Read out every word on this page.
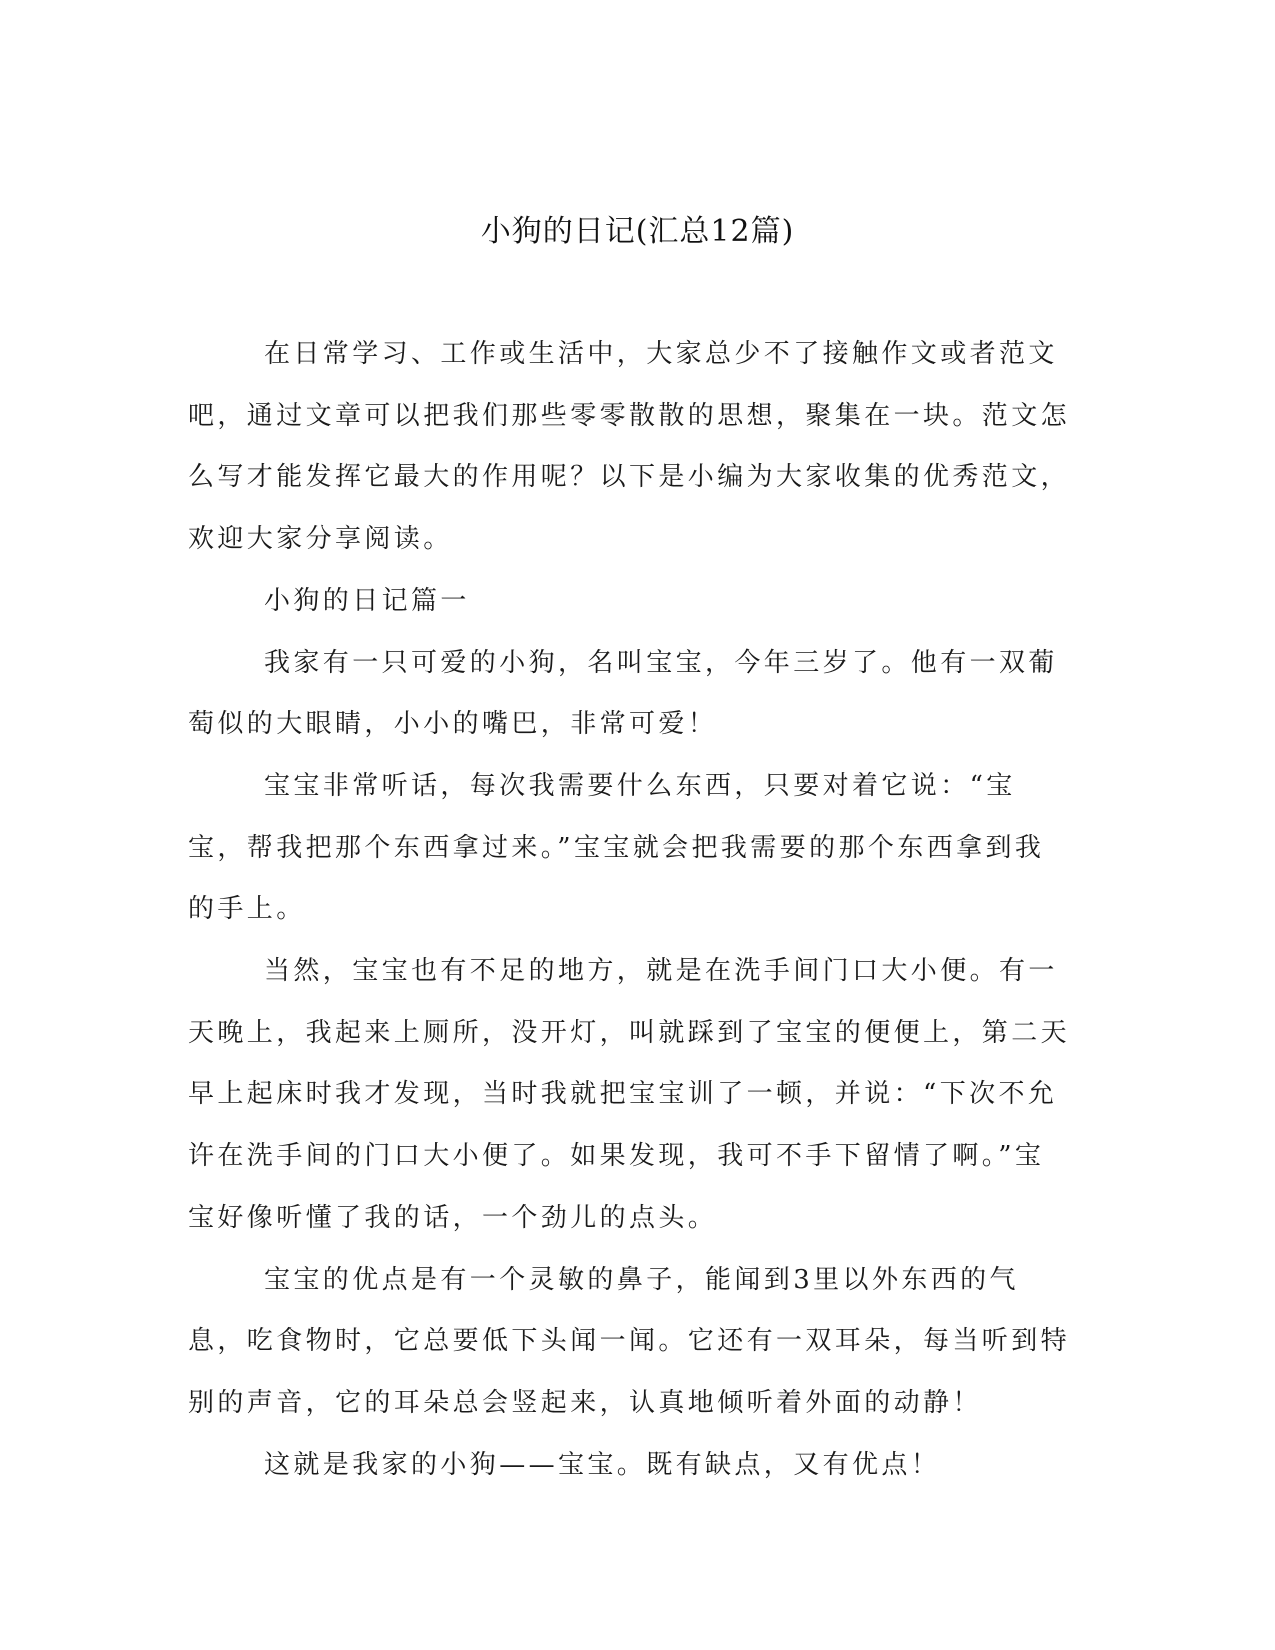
小狗的日记(汇总12篇)

在日常学习、工作或生活中，大家总少不了接触作文或者范文吧，通过文章可以把我们那些零零散散的思想，聚集在一块。范文怎么写才能发挥它最大的作用呢？以下是小编为大家收集的优秀范文，欢迎大家分享阅读。

小狗的日记篇一

我家有一只可爱的小狗，名叫宝宝，今年三岁了。他有一双葡萄似的大眼睛，小小的嘴巴，非常可爱！

宝宝非常听话，每次我需要什么东西，只要对着它说：“宝宝，帮我把那个东西拿过来。”宝宝就会把我需要的那个东西拿到我的手上。

当然，宝宝也有不足的地方，就是在洗手间门口大小便。有一天晚上，我起来上厕所，没开灯，叫就踩到了宝宝的便便上，第二天早上起床时我才发现，当时我就把宝宝训了一顿，并说：“下次不允许在洗手间的门口大小便了。如果发现，我可不手下留情了啊。”宝宝好像听懂了我的话，一个劲儿的点头。

宝宝的优点是有一个灵敏的鼻子，能闻到3里以外东西的气息，吃食物时，它总要低下头闻一闻。它还有一双耳朵，每当听到特别的声音，它的耳朵总会竖起来，认真地倾听着外面的动静！

这就是我家的小狗——宝宝。既有缺点，又有优点！
